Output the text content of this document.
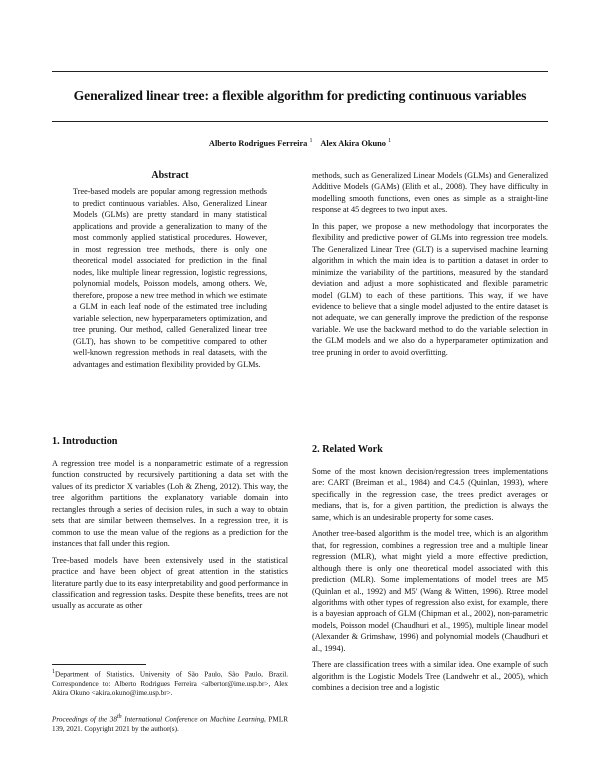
Generalized linear tree: a flexible algorithm for predicting continuous variables
Alberto Rodrigues Ferreira $^1$ Alex Akira Okuno $^1$
Abstract

Tree-based models are popular among regression methods to predict continuous variables. Also, Generalized Linear Models (GLMs) are pretty standard in many statistical applications and provide a generalization to many of the most commonly applied statistical procedures. However, in most regression tree methods, there is only one theoretical model associated for prediction in the final nodes, like multiple linear regression, logistic regressions, polynomial models, Poisson models, among others. We, therefore, propose a new tree method in which we estimate a GLM in each leaf node of the estimated tree including variable selection, new hyperparameters optimization, and tree pruning. Our method, called Generalized linear tree (GLT), has shown to be competitive compared to other well-known regression methods in real datasets, with the advantages and estimation flexibility provided by GLMs.

1. Introduction

A regression tree model is a nonparametric estimate of a regression function constructed by recursively partitioning a data set with the values of its predictor X variables (Loh & Zheng, 2012). This way, the tree algorithm partitions the explanatory variable domain into rectangles through a series of decision rules, in such a way to obtain sets that are similar between themselves. In a regression tree, it is common to use the mean value of the regions as a prediction for the instances that fall under this region.

Tree-based models have been extensively used in the statistical practice and have been object of great attention in the statistics literature partly due to its easy interpretability and good performance in classification and regression tasks. Despite these benefits, trees are not usually as accurate as other

$^1$Department of Statistics, University of São Paulo, São Paulo, Brazil. Correspondence to: Alberto Rodrigues Ferreira <albertor@ime.usp.br>, Alex Akira Okuno <akira.okuno@ime.usp.br>.
Proceedings of the 38th International Conference on Machine Learning, PMLR 139, 2021. Copyright 2021 by the author(s).

methods, such as Generalized Linear Models (GLMs) and Generalized Additive Models (GAMs) (Elith et al., 2008). They have difficulty in modelling smooth functions, even ones as simple as a straight-line response at 45 degrees to two input axes.

In this paper, we propose a new methodology that incorporates the flexibility and predictive power of GLMs into regression tree models. The Generalized Linear Tree (GLT) is a supervised machine learning algorithm in which the main idea is to partition a dataset in order to minimize the variability of the partitions, measured by the standard deviation and adjust a more sophisticated and flexible parametric model (GLM) to each of these partitions. This way, if we have evidence to believe that a single model adjusted to the entire dataset is not adequate, we can generally improve the prediction of the response variable. We use the backward method to do the variable selection in the GLM models and we also do a hyperparameter optimization and tree pruning in order to avoid overfitting.

2. Related Work

Some of the most known decision/regression trees implementations are: CART (Breiman et al., 1984) and C4.5 (Quinlan, 1993), where specifically in the regression case, the trees predict averages or medians, that is, for a given partition, the prediction is always the same, which is an undesirable property for some cases.

Another tree-based algorithm is the model tree, which is an algorithm that, for regression, combines a regression tree and a multiple linear regression (MLR), what might yield a more effective prediction, although there is only one theoretical model associated with this prediction (MLR). Some implementations of model trees are M5 (Quinlan et al., 1992) and M5' (Wang & Witten, 1996). Rtree model algorithms with other types of regression also exist, for example, there is a bayesian approach of GLM (Chipman et al., 2002), non-parametric models, Poisson model (Chaudhuri et al., 1995), multiple linear model (Alexander & Grimshaw, 1996) and polynomial models (Chaudhuri et al., 1994).

There are classification trees with a similar idea. One example of such algorithm is the Logistic Models Tree (Landwehr et al., 2005), which combines a decision tree and a logistic
